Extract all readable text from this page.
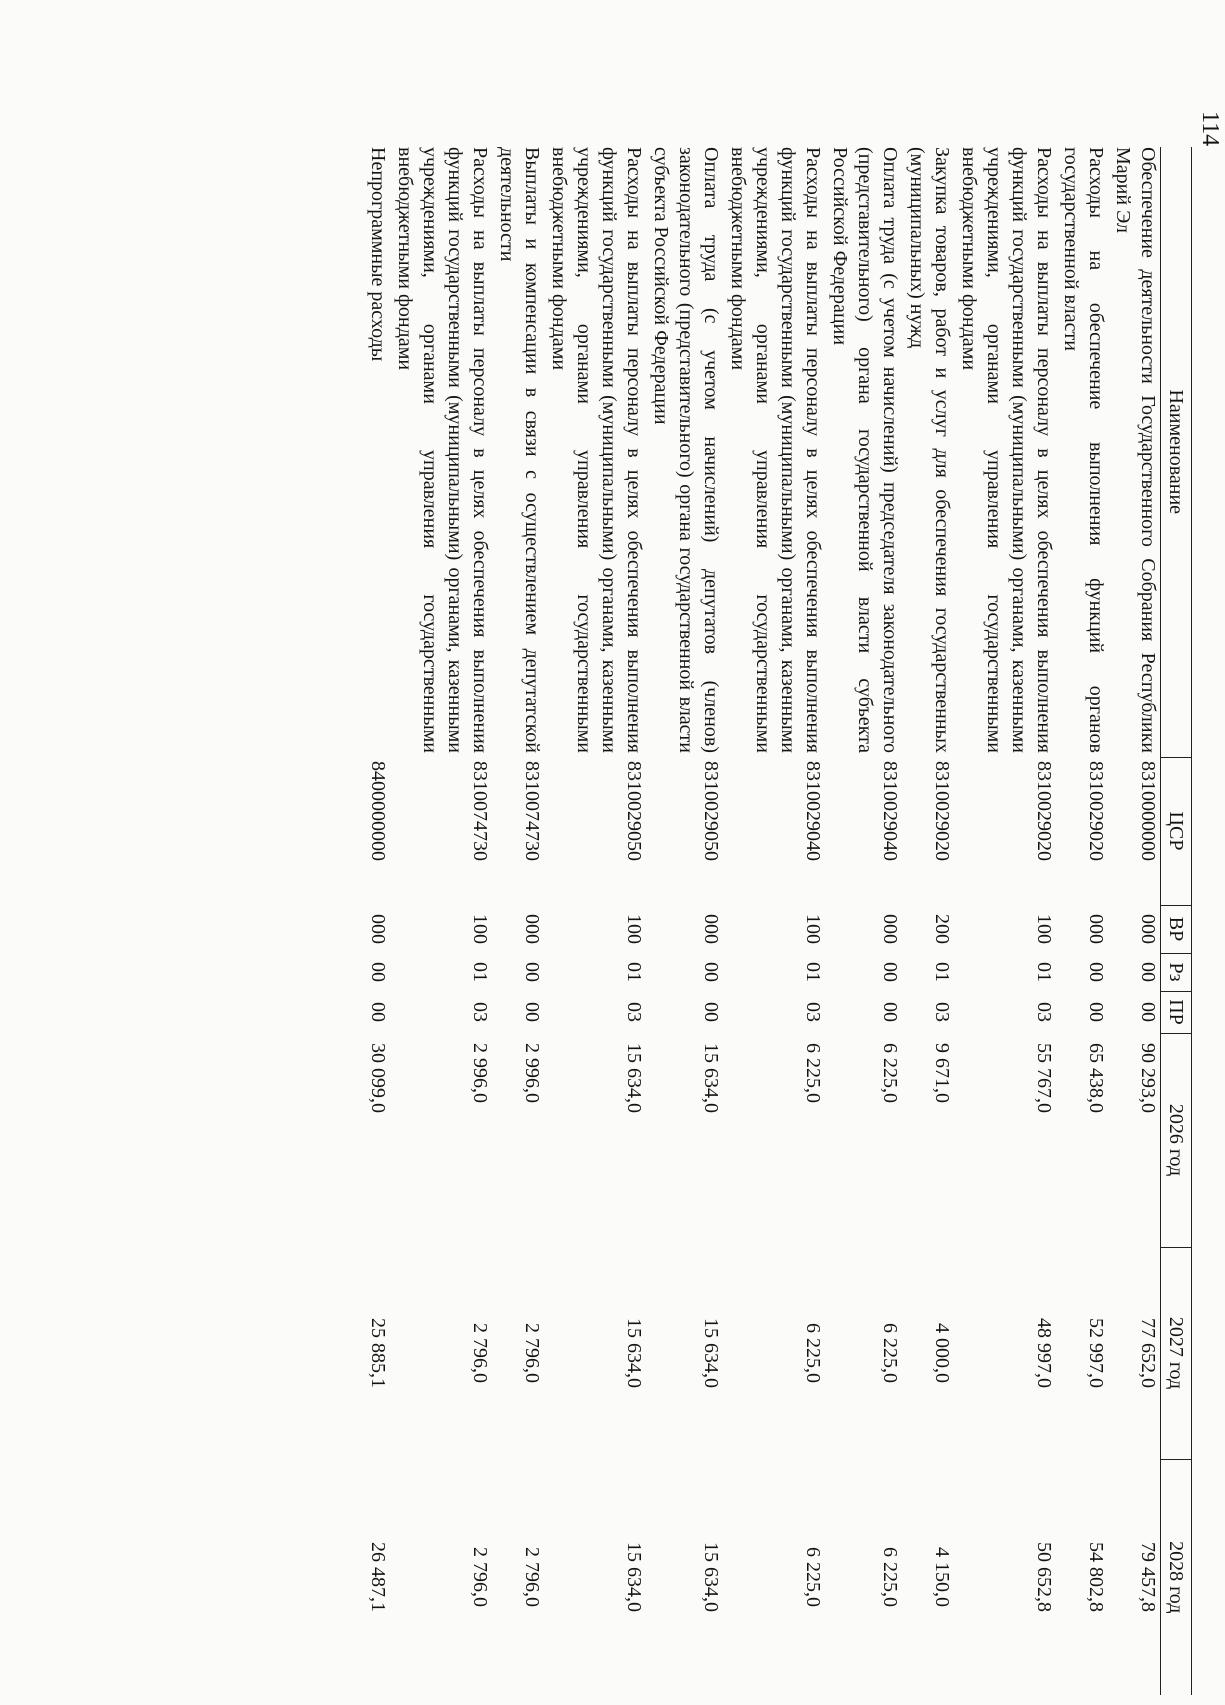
114
Наименование	ЦСР	ВР	Рз	ПР	2026 год	2027 год	2028 год
Обеспечение деятельности Государственного Собрания Республики Марий Эл	8310000000	000	00	00	90 293,0	77 652,0	79 457,8
Расходы на обеспечение выполнения функций органов государственной власти	8310029020	000	00	00	65 438,0	52 997,0	54 802,8
Расходы на выплаты персоналу в целях обеспечения выполнения функций государственными (муниципальными) органами, казенными учреждениями, органами управления государственными внебюджетными фондами	8310029020	100	01	03	55 767,0	48 997,0	50 652,8
Закупка товаров, работ и услуг для обеспечения государственных (муниципальных) нужд	8310029020	200	01	03	9 671,0	4 000,0	4 150,0
Оплата труда (с учетом начислений) председателя законодательного (представительного) органа государственной власти субъекта Российской Федерации	8310029040	000	00	00	6 225,0	6 225,0	6 225,0
Расходы на выплаты персоналу в целях обеспечения выполнения функций государственными (муниципальными) органами, казенными учреждениями, органами управления государственными внебюджетными фондами	8310029040	100	01	03	6 225,0	6 225,0	6 225,0
Оплата труда (с учетом начислений) депутатов (членов) законодательного (представительного) органа государственной власти субъекта Российской Федерации	8310029050	000	00	00	15 634,0	15 634,0	15 634,0
Расходы на выплаты персоналу в целях обеспечения выполнения функций государственными (муниципальными) органами, казенными учреждениями, органами управления государственными внебюджетными фондами	8310029050	100	01	03	15 634,0	15 634,0	15 634,0
Выплаты и компенсации в связи с осуществлением депутатской деятельности	8310074730	000	00	00	2 996,0	2 796,0	2 796,0
Расходы на выплаты персоналу в целях обеспечения выполнения функций государственными (муниципальными) органами, казенными учреждениями, органами управления государственными внебюджетными фондами	8310074730	100	01	03	2 996,0	2 796,0	2 796,0
Непрограммные расходы	8400000000	000	00	00	30 099,0	25 885,1	26 487,1
